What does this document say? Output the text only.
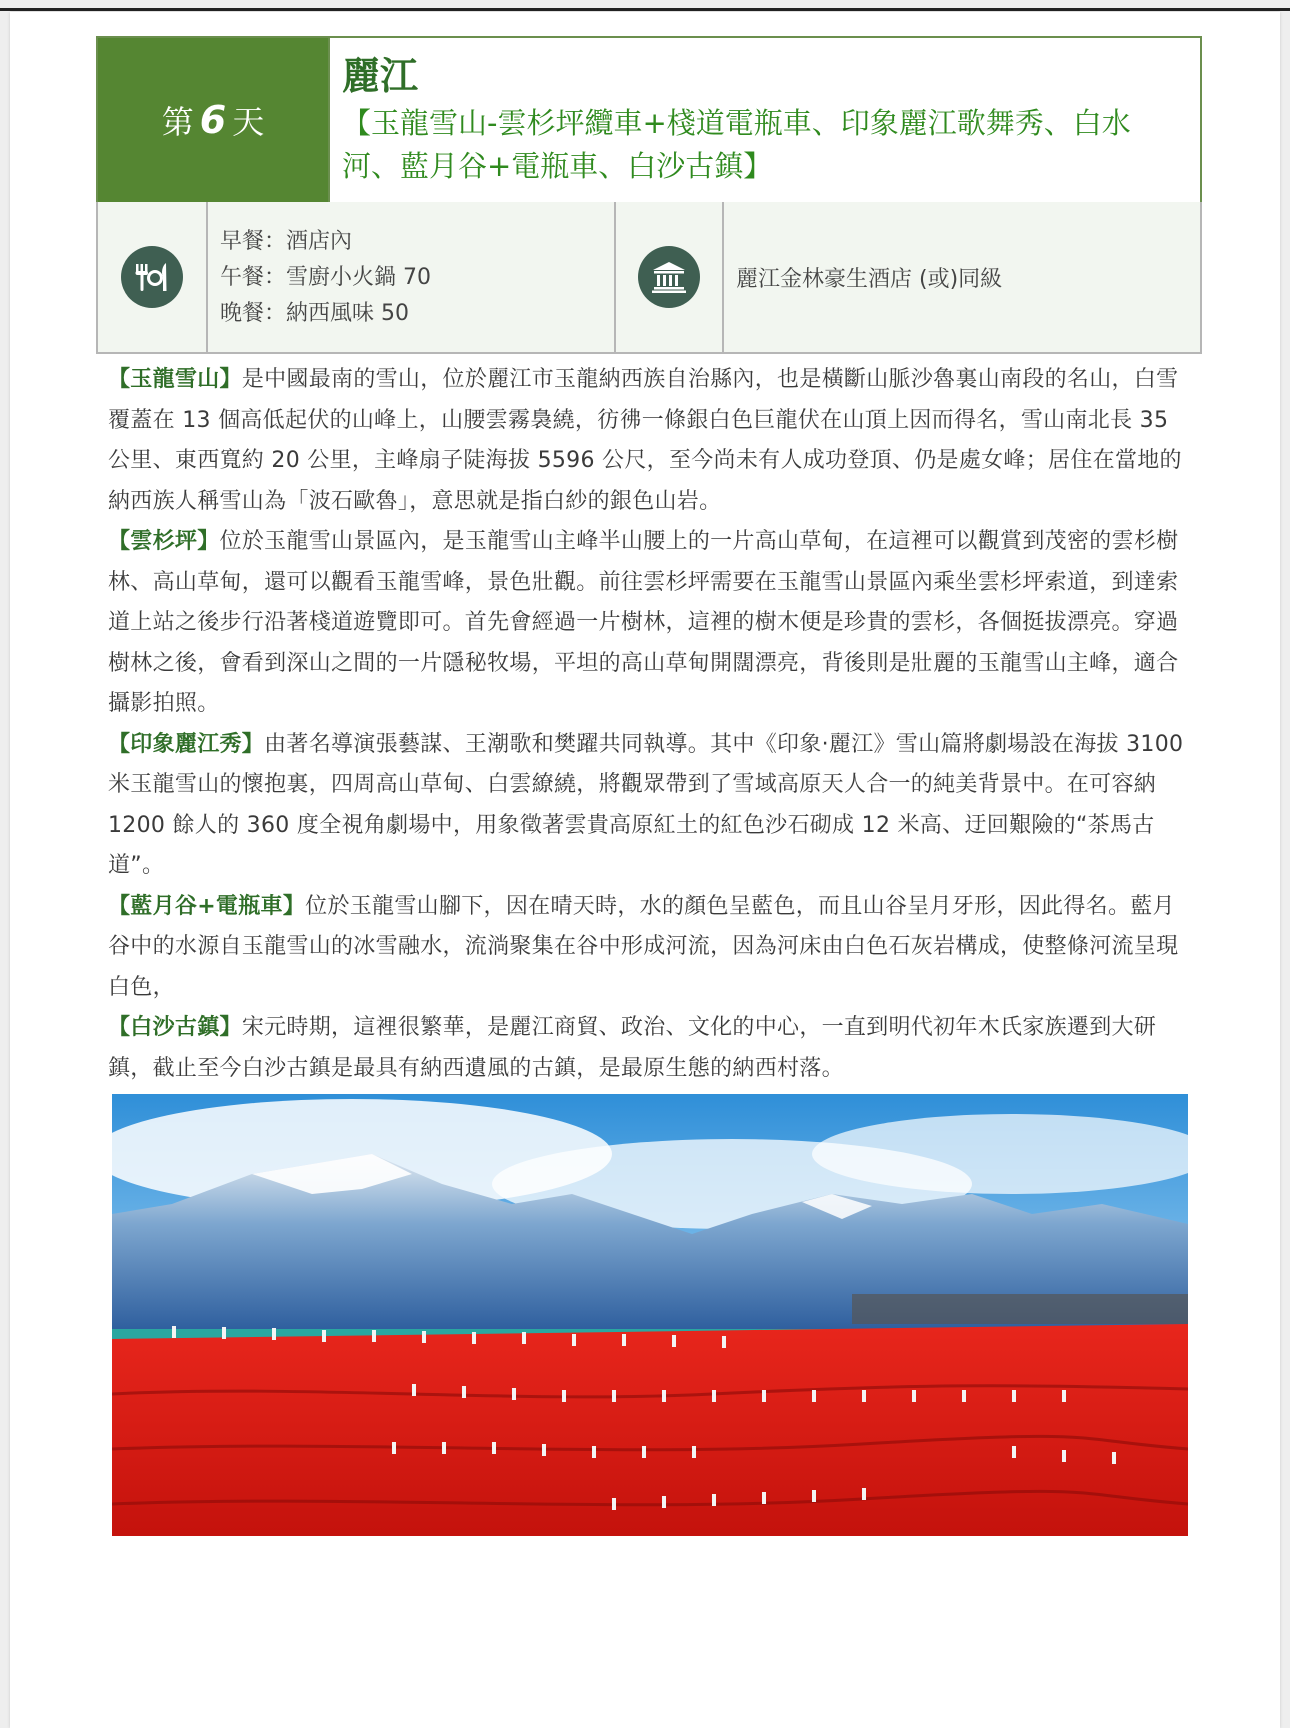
第 6 天
麗江
【玉龍雪山-雲杉坪纜車+棧道電瓶車、印象麗江歌舞秀、白水河、藍月谷+電瓶車、白沙古鎮】
早餐：酒店內
午餐：雪廚小火鍋 70
晚餐：納西風味 50
麗江金林豪生酒店 (或)同級

【玉龍雪山】是中國最南的雪山，位於麗江市玉龍納西族自治縣內，也是橫斷山脈沙魯裏山南段的名山，白雪覆蓋在 13 個高低起伏的山峰上，山腰雲霧裊繞，彷彿一條銀白色巨龍伏在山頂上因而得名，雪山南北長 35 公里、東西寬約 20 公里，主峰扇子陡海拔 5596 公尺，至今尚未有人成功登頂、仍是處女峰；居住在當地的納西族人稱雪山為「波石歐魯」，意思就是指白紗的銀色山岩。

【雲杉坪】位於玉龍雪山景區內，是玉龍雪山主峰半山腰上的一片高山草甸，在這裡可以觀賞到茂密的雲杉樹林、高山草甸，還可以觀看玉龍雪峰，景色壯觀。前往雲杉坪需要在玉龍雪山景區內乘坐雲杉坪索道，到達索道上站之後步行沿著棧道遊覽即可。首先會經過一片樹林，這裡的樹木便是珍貴的雲杉，各個挺拔漂亮。穿過樹林之後，會看到深山之間的一片隱秘牧場，平坦的高山草甸開闊漂亮，背後則是壯麗的玉龍雪山主峰，適合攝影拍照。

【印象麗江秀】由著名導演張藝謀、王潮歌和樊躍共同執導。其中《印象·麗江》雪山篇將劇場設在海拔 3100 米玉龍雪山的懷抱裏，四周高山草甸、白雲繚繞，將觀眾帶到了雪域高原天人合一的純美背景中。在可容納 1200 餘人的 360 度全視角劇場中，用象徵著雲貴高原紅土的紅色沙石砌成 12 米高、迂回艱險的“茶馬古道”。

【藍月谷+電瓶車】位於玉龍雪山腳下，因在晴天時，水的顏色呈藍色，而且山谷呈月牙形，因此得名。藍月谷中的水源自玉龍雪山的冰雪融水，流淌聚集在谷中形成河流，因為河床由白色石灰岩構成，使整條河流呈現白色，

【白沙古鎮】宋元時期，這裡很繁華，是麗江商貿、政治、文化的中心，一直到明代初年木氏家族遷到大研鎮，截止至今白沙古鎮是最具有納西遺風的古鎮，是最原生態的納西村落。
